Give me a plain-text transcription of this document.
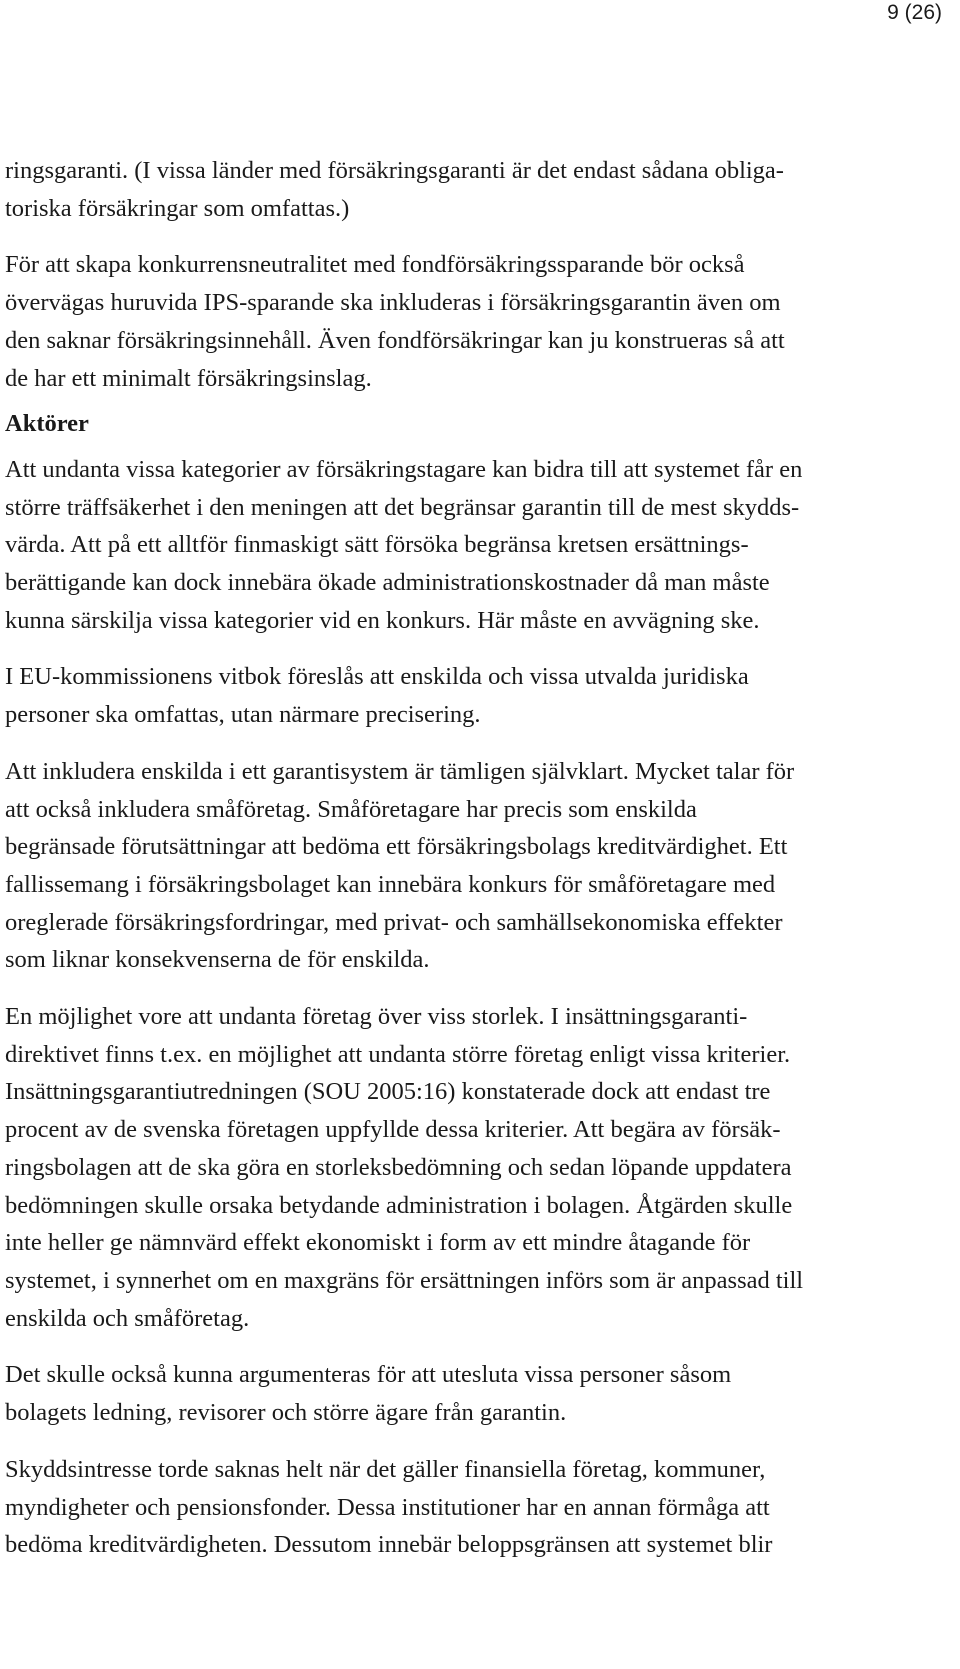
9 (26)

ringsgaranti. (I vissa länder med försäkringsgaranti är det endast sådana obliga-
toriska försäkringar som omfattas.)

För att skapa konkurrensneutralitet med fondförsäkringssparande bör också
övervägas huruvida IPS-sparande ska inkluderas i försäkringsgarantin även om
den saknar försäkringsinnehåll. Även fondförsäkringar kan ju konstrueras så att
de har ett minimalt försäkringsinslag.

Aktörer

Att undanta vissa kategorier av försäkringstagare kan bidra till att systemet får en
större träffsäkerhet i den meningen att det begränsar garantin till de mest skydds-
värda. Att på ett alltför finmaskigt sätt försöka begränsa kretsen ersättnings-
berättigande kan dock innebära ökade administrationskostnader då man måste
kunna särskilja vissa kategorier vid en konkurs. Här måste en avvägning ske.

I EU-kommissionens vitbok föreslås att enskilda och vissa utvalda juridiska
personer ska omfattas, utan närmare precisering.

Att inkludera enskilda i ett garantisystem är tämligen självklart. Mycket talar för
att också inkludera småföretag. Småföretagare har precis som enskilda
begränsade förutsättningar att bedöma ett försäkringsbolags kreditvärdighet. Ett
fallissemang i försäkringsbolaget kan innebära konkurs för småföretagare med
oreglerade försäkringsfordringar, med privat- och samhällsekonomiska effekter
som liknar konsekvenserna de för enskilda.

En möjlighet vore att undanta företag över viss storlek. I insättningsgaranti-
direktivet finns t.ex. en möjlighet att undanta större företag enligt vissa kriterier.
Insättningsgarantiutredningen (SOU 2005:16) konstaterade dock att endast tre
procent av de svenska företagen uppfyllde dessa kriterier. Att begära av försäk-
ringsbolagen att de ska göra en storleksbedömning och sedan löpande uppdatera
bedömningen skulle orsaka betydande administration i bolagen. Åtgärden skulle
inte heller ge nämnvärd effekt ekonomiskt i form av ett mindre åtagande för
systemet, i synnerhet om en maxgräns för ersättningen införs som är anpassad till
enskilda och småföretag.

Det skulle också kunna argumenteras för att utesluta vissa personer såsom
bolagets ledning, revisorer och större ägare från garantin.

Skyddsintresse torde saknas helt när det gäller finansiella företag, kommuner,
myndigheter och pensionsfonder. Dessa institutioner har en annan förmåga att
bedöma kreditvärdigheten. Dessutom innebär beloppsgränsen att systemet blir
